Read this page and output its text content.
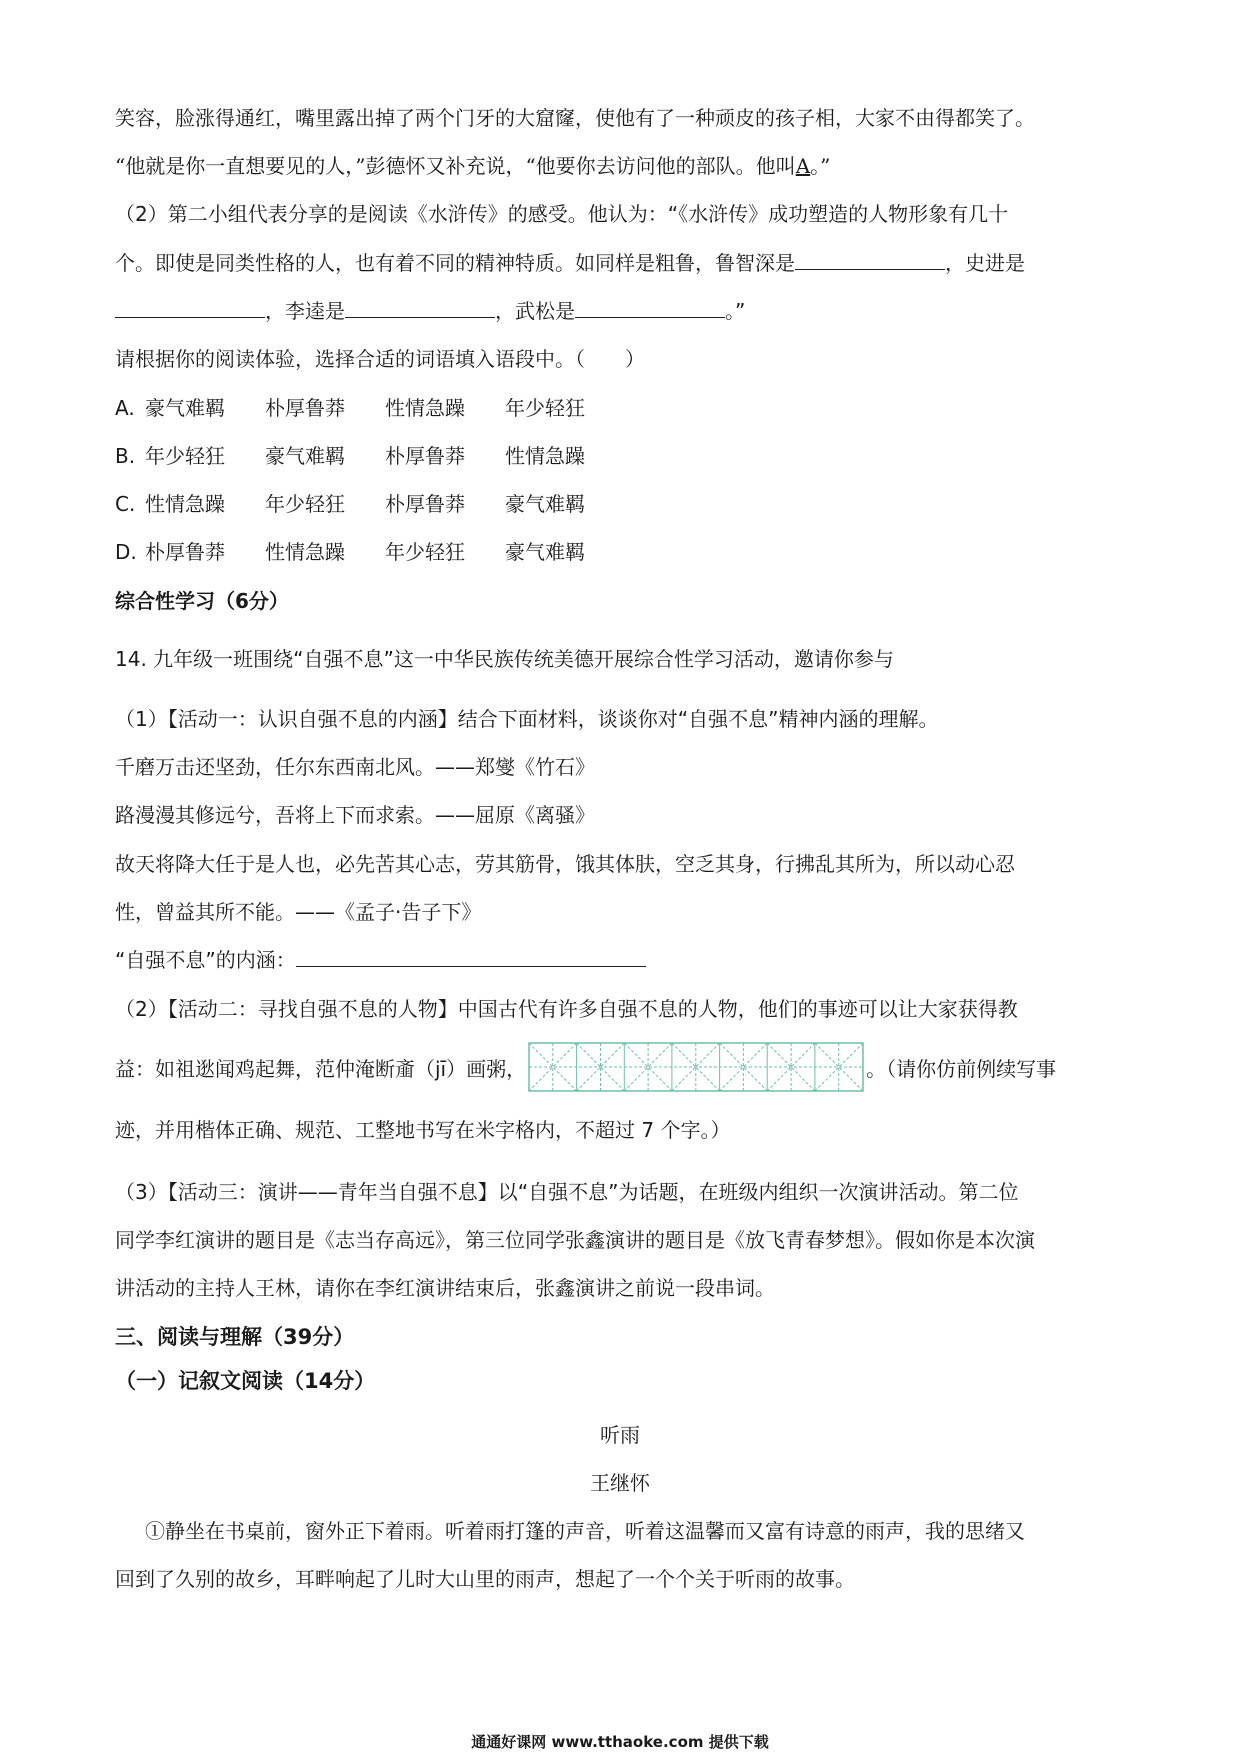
笑容，脸涨得通红，嘴里露出掉了两个门牙的大窟窿，使他有了一种顽皮的孩子相，大家不由得都笑了。
“他就是你一直想要见的人，”彭德怀又补充说，“他要你去访问他的部队。他叫A。”
（2）第二小组代表分享的是阅读《水浒传》的感受。他认为：“《水浒传》成功塑造的人物形象有几十
个。即使是同类性格的人，也有着不同的精神特质。如同样是粗鲁，鲁智深是	，史进是
，李逵是	，武松是	。”
请根据你的阅读体验，选择合适的词语填入语段中。（　　）
A. 豪气难羁 朴厚鲁莽 性情急躁 年少轻狂
B. 年少轻狂 豪气难羁 朴厚鲁莽 性情急躁
C. 性情急躁 年少轻狂 朴厚鲁莽 豪气难羁
D. 朴厚鲁莽 性情急躁 年少轻狂 豪气难羁
综合性学习（6分）
14. 九年级一班围绕“自强不息”这一中华民族传统美德开展综合性学习活动，邀请你参与
（1）【活动一：认识自强不息的内涵】结合下面材料，谈谈你对“自强不息”精神内涵的理解。
千磨万击还坚劲，任尔东西南北风。——郑燮《竹石》
路漫漫其修远兮，吾将上下而求索。——屈原《离骚》
故天将降大任于是人也，必先苦其心志，劳其筋骨，饿其体肤，空乏其身，行拂乱其所为，所以动心忍
性，曾益其所不能。——《孟子·告子下》
“自强不息”的内涵：
（2）【活动二：寻找自强不息的人物】中国古代有许多自强不息的人物，他们的事迹可以让大家获得教
益：如祖逖闻鸡起舞，范仲淹断齑（jī）画粥，	。（请你仿前例续写事
迹，并用楷体正确、规范、工整地书写在米字格内，不超过 7 个字。）
（3）【活动三：演讲——青年当自强不息】以“自强不息”为话题，在班级内组织一次演讲活动。第二位
同学李红演讲的题目是《志当存高远》，第三位同学张鑫演讲的题目是《放飞青春梦想》。假如你是本次演
讲活动的主持人王林，请你在李红演讲结束后，张鑫演讲之前说一段串词。
三、阅读与理解（39分）
（一）记叙文阅读（14分）
听雨
王继怀
①静坐在书桌前，窗外正下着雨。听着雨打篷的声音，听着这温馨而又富有诗意的雨声，我的思绪又
回到了久别的故乡，耳畔响起了儿时大山里的雨声，想起了一个个关于听雨的故事。
通通好课网 www.tthaoke.com 提供下载
